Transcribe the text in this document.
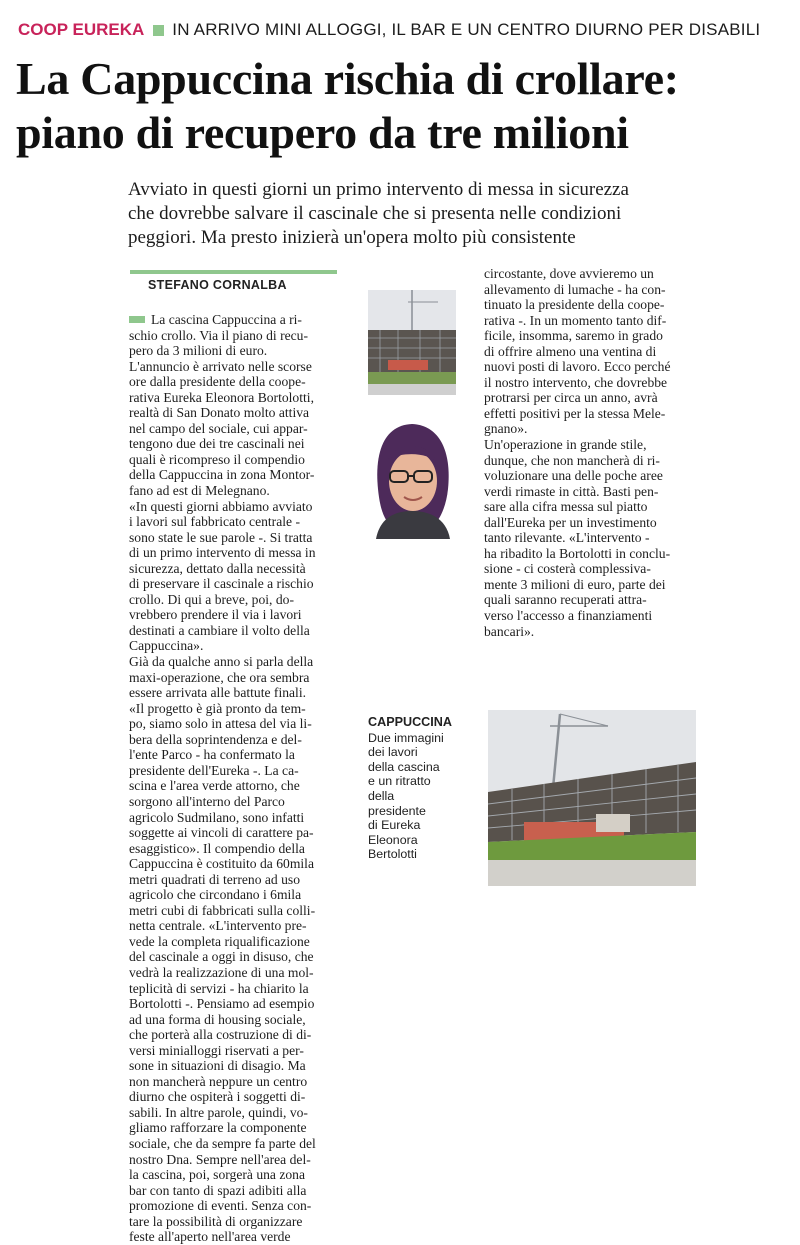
COOP EUREKA IN ARRIVO MINI ALLOGGI, IL BAR E UN CENTRO DIURNO PER DISABILI
La Cappuccina rischia di crollare:
piano di recupero da tre milioni
Avviato in questi giorni un primo intervento di messa in sicurezza
che dovrebbe salvare il cascinale che si presenta nelle condizioni
peggiori. Ma presto inizierà un'opera molto più consistente
STEFANO CORNALBA
La cascina Cappuccina a ri-
schio crollo. Via il piano di recu-
pero da 3 milioni di euro.
L'annuncio è arrivato nelle scorse
ore dalla presidente della coope-
rativa Eureka Eleonora Bortolotti,
realtà di San Donato molto attiva
nel campo del sociale, cui appar-
tengono due dei tre cascinali nei
quali è ricompreso il compendio
della Cappuccina in zona Montor-
fano ad est di Melegnano.
«In questi giorni abbiamo avviato
i lavori sul fabbricato centrale -
sono state le sue parole -. Si tratta
di un primo intervento di messa in
sicurezza, dettato dalla necessità
di preservare il cascinale a rischio
crollo. Di qui a breve, poi, do-
vrebbero prendere il via i lavori
destinati a cambiare il volto della
Cappuccina».
Già da qualche anno si parla della
maxi-operazione, che ora sembra
essere arrivata alle battute finali.
«Il progetto è già pronto da tem-
po, siamo solo in attesa del via li-
bera della soprintendenza e del-
l'ente Parco - ha confermato la
presidente dell'Eureka -. La ca-
scina e l'area verde attorno, che
sorgono all'interno del Parco
agricolo Sudmilano, sono infatti
soggette ai vincoli di carattere pa-
esaggistico». Il compendio della
Cappuccina è costituito da 60mila
metri quadrati di terreno ad uso
agricolo che circondano i 6mila
metri cubi di fabbricati sulla colli-
netta centrale. «L'intervento pre-
vede la completa riqualificazione
del cascinale a oggi in disuso, che
vedrà la realizzazione di una mol-
teplicità di servizi - ha chiarito la
Bortolotti -. Pensiamo ad esempio
ad una forma di housing sociale,
che porterà alla costruzione di di-
versi minialloggi riservati a per-
sone in situazioni di disagio. Ma
non mancherà neppure un centro
diurno che ospiterà i soggetti di-
sabili. In altre parole, quindi, vo-
gliamo rafforzare la componente
sociale, che da sempre fa parte del
nostro Dna. Sempre nell'area del-
la cascina, poi, sorgerà una zona
bar con tanto di spazi adibiti alla
promozione di eventi. Senza con-
tare la possibilità di organizzare
feste all'aperto nell'area verde
circostante, dove avvieremo un
allevamento di lumache - ha con-
tinuato la presidente della coope-
rativa -. In un momento tanto dif-
ficile, insomma, saremo in grado
di offrire almeno una ventina di
nuovi posti di lavoro. Ecco perché
il nostro intervento, che dovrebbe
protrarsi per circa un anno, avrà
effetti positivi per la stessa Mele-
gnano».
Un'operazione in grande stile,
dunque, che non mancherà di ri-
voluzionare una delle poche aree
verdi rimaste in città. Basti pen-
sare alla cifra messa sul piatto
dall'Eureka per un investimento
tanto rilevante. «L'intervento -
ha ribadito la Bortolotti in conclu-
sione - ci costerà complessiva-
mente 3 milioni di euro, parte dei
quali saranno recuperati attra-
verso l'accesso a finanziamenti
bancari».
CAPPUCCINA
Due immagini
dei lavori
della cascina
e un ritratto
della
presidente
di Eureka
Eleonora
Bertolotti
